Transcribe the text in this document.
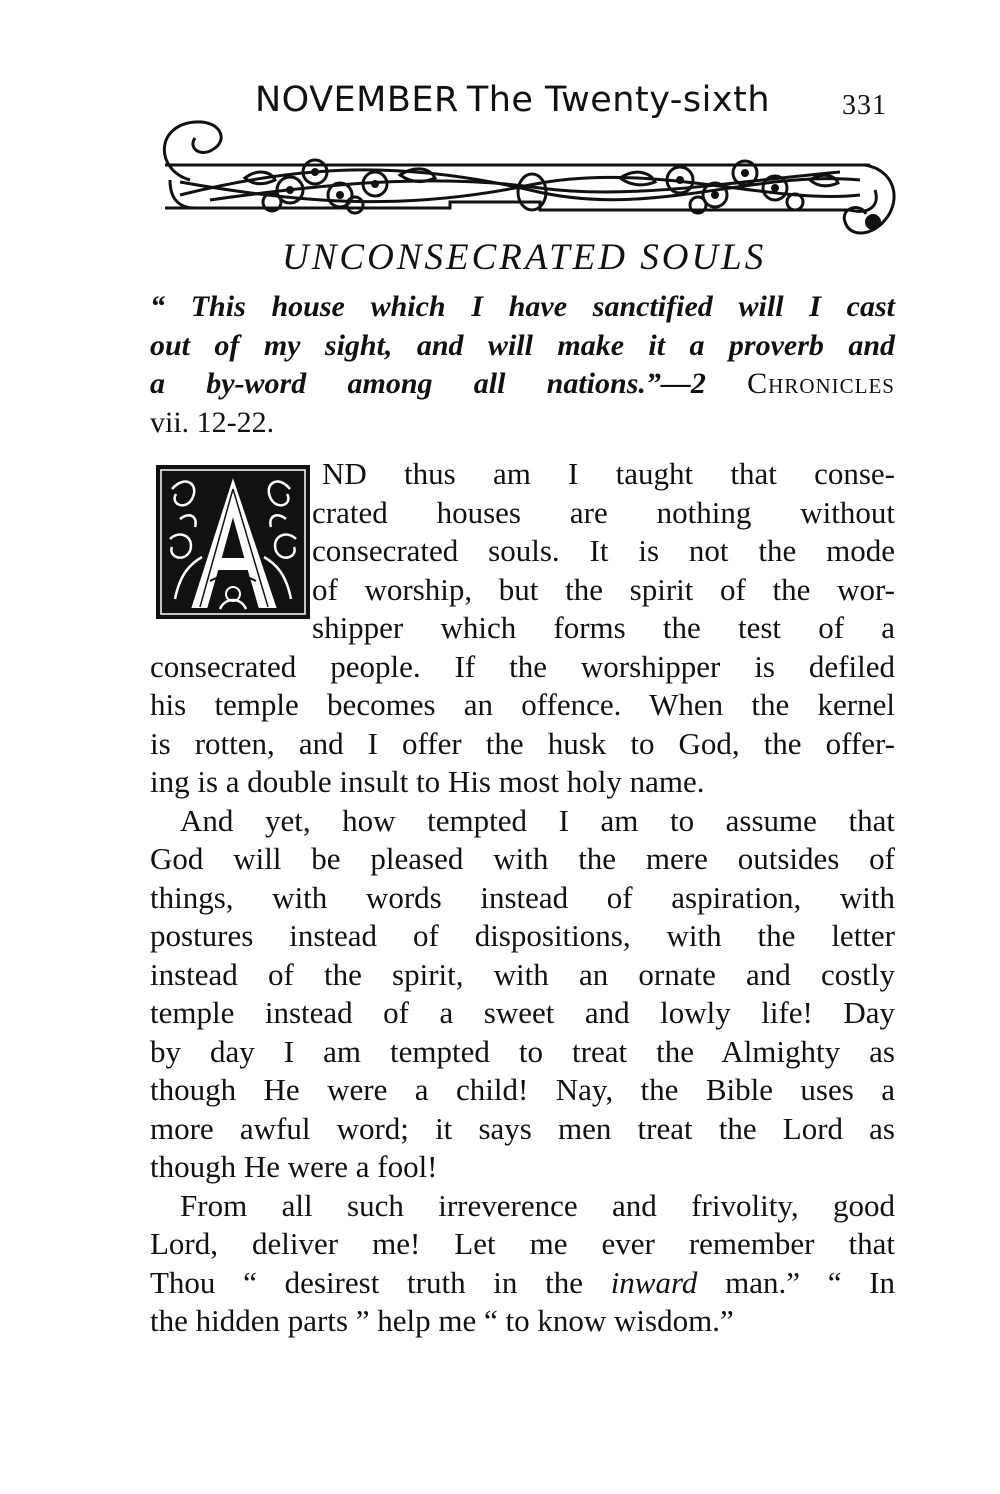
NOVEMBER The Twenty-sixth	331
UNCONSECRATED SOULS
“ This house which I have sanctified will I cast
out of my sight, and will make it a proverb and
a by-word among all nations.”—2 Chronicles
vii. 12-22.
ND thus am I taught that conse-
crated houses are nothing without
consecrated souls. It is not the mode
of worship, but the spirit of the wor-
shipper which forms the test of a
consecrated people. If the worshipper is defiled
his temple becomes an offence. When the kernel
is rotten, and I offer the husk to God, the offer-
ing is a double insult to His most holy name.
And yet, how tempted I am to assume that
God will be pleased with the mere outsides of
things, with words instead of aspiration, with
postures instead of dispositions, with the letter
instead of the spirit, with an ornate and costly
temple instead of a sweet and lowly life! Day
by day I am tempted to treat the Almighty as
though He were a child! Nay, the Bible uses a
more awful word; it says men treat the Lord as
though He were a fool!
From all such irreverence and frivolity, good
Lord, deliver me! Let me ever remember that
Thou “ desirest truth in the inward man.” “ In
the hidden parts ” help me “ to know wisdom.”
